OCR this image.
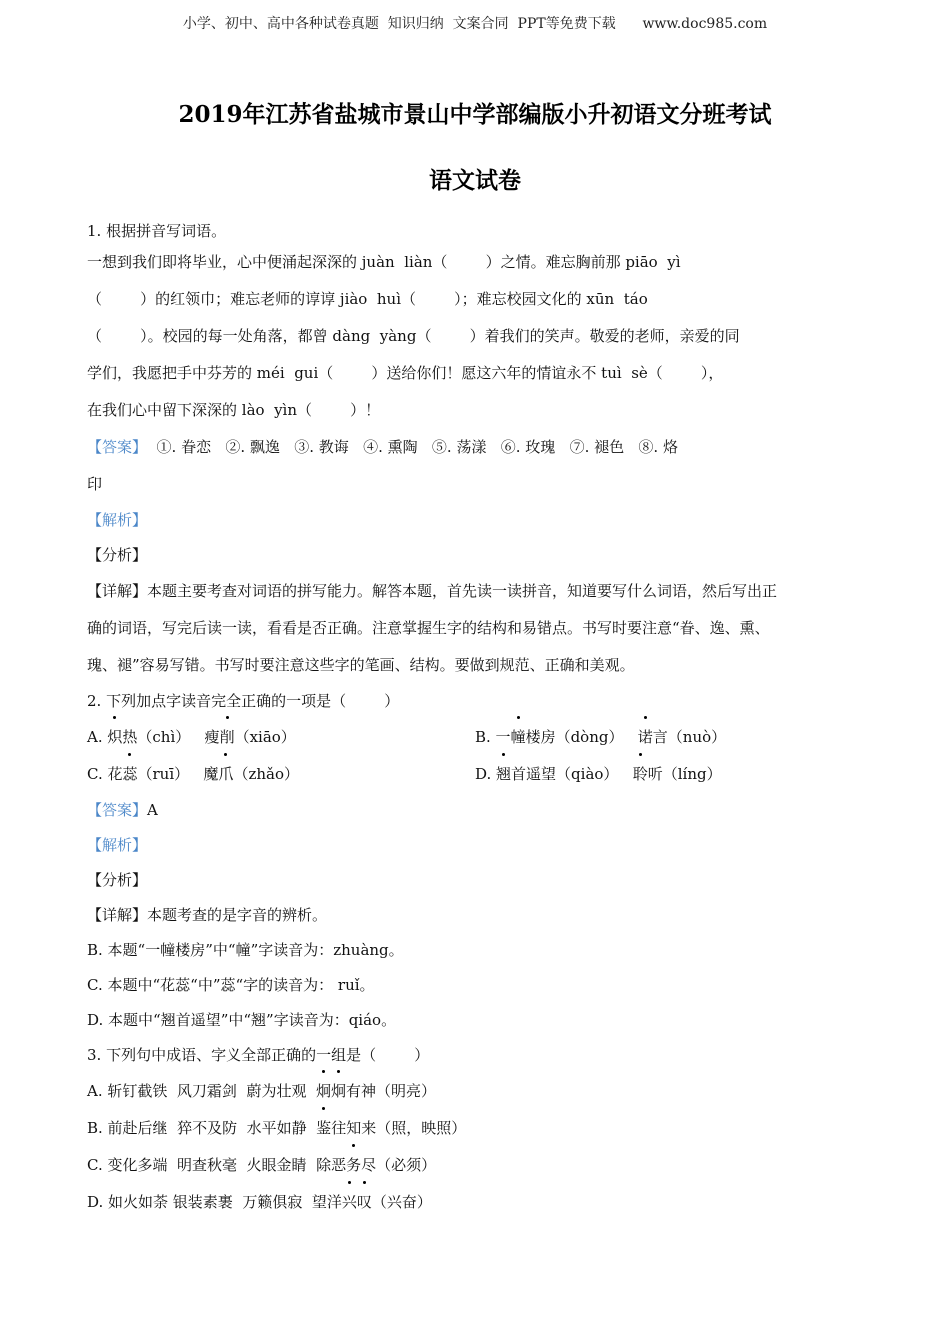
小学、初中、高中各种试卷真题  知识归纳  文案合同  PPT等免费下载      www.doc985.com
2019年江苏省盐城市景山中学部编版小升初语文分班考试
语文试卷
1. 根据拼音写词语。
一想到我们即将毕业，心中便涌起深深的 juàn  liàn（        ）之情。难忘胸前那 piāo  yì
（        ）的红领巾；难忘老师的谆谆 jiào  huì（        ）；难忘校园文化的 xūn  táo
（        ）。校园的每一处角落，都曾 dàng  yàng（        ）着我们的笑声。敬爱的老师，亲爱的同
学们，我愿把手中芬芳的 méi  gui（        ）送给你们！愿这六年的情谊永不 tuì  sè（        ），
在我们心中留下深深的 lào  yìn（        ）！
【答案】  ①. 眷恋   ②. 飘逸   ③. 教诲   ④. 熏陶   ⑤. 荡漾   ⑥. 玫瑰   ⑦. 褪色   ⑧. 烙
印
【解析】
【分析】
【详解】本题主要考查对词语的拼写能力。解答本题，首先读一读拼音，知道要写什么词语，然后写出正
确的词语，写完后读一读，看看是否正确。注意掌握生字的结构和易错点。书写时要注意“眷、逸、熏、
瑰、褪”容易写错。书写时要注意这些字的笔画、结构。要做到规范、正确和美观。
2. 下列加点字读音完全正确的一项是（        ）
A. 炽热（chì）   瘦削（xiāo）	B. 一幢楼房（dòng）   诺言（nuò）
C. 花蕊（ruī）   魔爪（zhǎo）	D. 翘首遥望（qiào）   聆听（líng）
【答案】A
【解析】
【分析】
【详解】本题考查的是字音的辨析。
B. 本题“一幢楼房”中“幢”字读音为：zhuàng。
C. 本题中“花蕊“中”蕊“字的读音为： ruǐ。
D. 本题中“翘首遥望”中“翘”字读音为：qiáo。
3. 下列句中成语、字义全部正确的一组是（        ）
A. 斩钉截铁  风刀霜剑  蔚为壮观  炯炯有神（明亮）
B. 前赴后继  猝不及防  水平如静  鉴往知来（照，映照）
C. 变化多端  明查秋毫  火眼金睛  除恶务尽（必须）
D. 如火如荼 银装素裹  万籁俱寂  望洋兴叹（兴奋）
